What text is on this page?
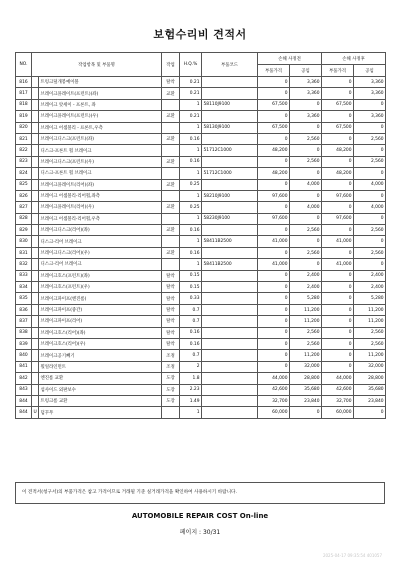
보험수리비 견적서
NO.	작업항목 및 부품명		작업	H.Q.%	부품코드	손해 사정전		손해 사정후	
						부품가격	공임	부품가격	공임
816		트렁크덮개봉예이블	탈착	0.21		0	3,360	0	3,360
817		브레이크플레이트(프런트)(좌)	교환	0.21		0	3,360	0	3,360
818		브레이크 앗세이 - 프론트, 좌		1	58110J9100	67,500	0	67,500	0
819		브레이크플레이트(프런트)(우)	교환	0.21		0	3,360	0	3,360
820		브레이크 어셈블리 - 프론트,우측		1	58130J9100	67,500	0	67,500	0
821		브레이크디스크(프런트)(좌)	교환	0.16		0	2,560	0	2,560
822		디스크-프론트 휠 브레이크		1	51712C1000	48,200	0	48,200	0
823		브레이크디스크(프런트)(우)	교환	0.16		0	2,560	0	2,560
824		디스크-프론트 휠 브레이크		1	51712C1000	48,200	0	48,200	0
825		브레이크플레이트(리어)(좌)	교환	0.25		0	4,000	0	4,000
826		브레이크 어셈블리-리어휠,좌측		1	58210J9100	97,600	0	97,600	0
827		브레이크플레이트(리어)(우)	교환	0.25		0	4,000	0	4,000
828		브레이크 어셈블리-리어휠,우측		1	58230J9100	97,600	0	97,600	0
829		브레이크디스크(리어)(좌)	교환	0.16		0	2,560	0	2,560
830		디스크-리어 브레이크		1	58411B2500	41,000	0	41,000	0
831		브레이크디스크(리어)(우)	교환	0.16		0	2,560	0	2,560
832		디스크-리어 브레이크		1	58411B2500	41,000	0	41,000	0
833		브레이크호스(프런트)(좌)	탈착	0.15		0	2,400	0	2,400
834		브레이크호스(프런트)(우)	탈착	0.15		0	2,400	0	2,400
835		브레이크파이프(엔진룸)	탈착	0.33		0	5,280	0	5,280
836		브레이크파이프(중간)	탈착	0.7		0	11,200	0	11,200
837		브레이크파이프(리어)	탈착	0.7		0	11,200	0	11,200
838		브레이크호스(리어)(좌)	탈착	0.16		0	2,560	0	2,560
839		브레이크호스(리어)(우)	탈착	0.16		0	2,560	0	2,560
840		브레이크공기빼기	조정	0.7		0	11,200	0	11,200
841		휠얼라인먼트	조정	2		0	32,000	0	32,000
842		엔진룸 교환	도장	1.8		44,000	28,800	44,000	28,800
843		섬사이드 외판보수	도장	2.23		42,600	35,680	42,600	35,680
844		트렁크룸 교환	도장	1.49		32,700	23,840	32,700	23,840
844	U	덤꾸무		1		60,000	0	60,000	0
이 견적서(청구서)의 부품가격은 참고 가격이므로 거래될 기준 실거래가격을 확인하여 사용하시기 바랍니다.
AUTOMOBILE REPAIR COST On-line
페이지 : 30/31
2025-04-17 09:35:54 401057
